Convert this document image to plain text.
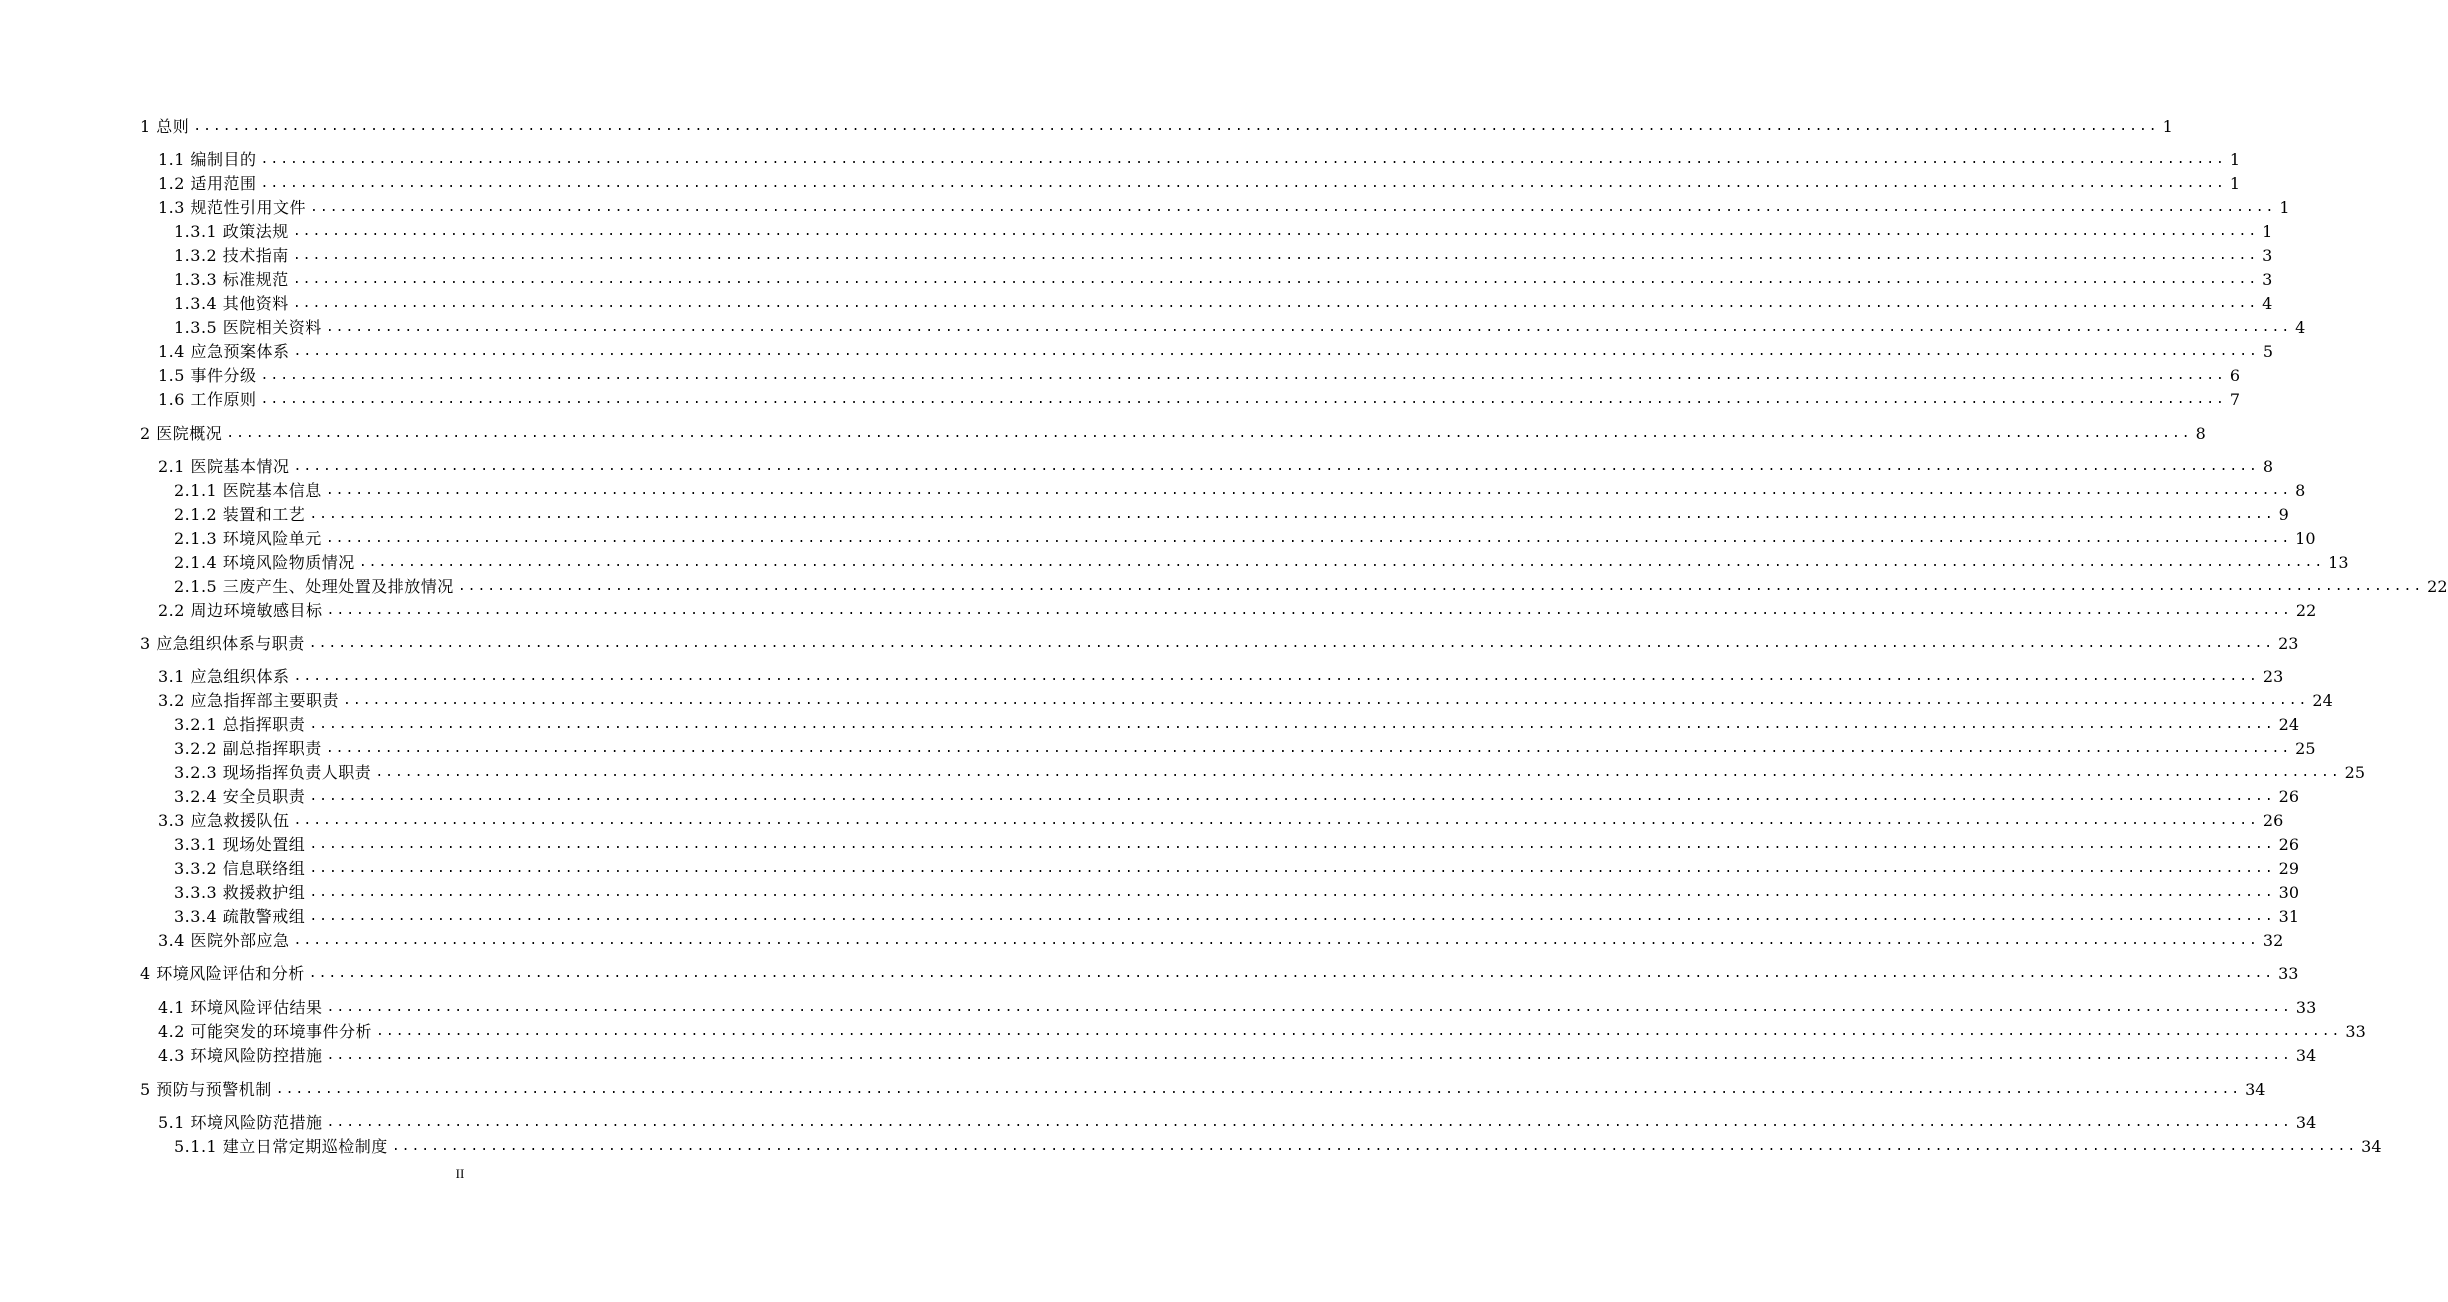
1 总则 ........................................................................................................................................................................................................ 1
1.1 编制目的 ........................................................................................................................................................................................................ 1
1.2 适用范围 ........................................................................................................................................................................................................ 1
1.3 规范性引用文件 ........................................................................................................................................................................................................ 1
1.3.1 政策法规 ........................................................................................................................................................................................................ 1
1.3.2 技术指南 ........................................................................................................................................................................................................ 3
1.3.3 标准规范 ........................................................................................................................................................................................................ 3
1.3.4 其他资料 ........................................................................................................................................................................................................ 4
1.3.5 医院相关资料 ........................................................................................................................................................................................................ 4
1.4 应急预案体系 ........................................................................................................................................................................................................ 5
1.5 事件分级 ........................................................................................................................................................................................................ 6
1.6 工作原则 ........................................................................................................................................................................................................ 7
2 医院概况 ........................................................................................................................................................................................................ 8
2.1 医院基本情况 ........................................................................................................................................................................................................ 8
2.1.1 医院基本信息 ........................................................................................................................................................................................................ 8
2.1.2 装置和工艺 ........................................................................................................................................................................................................ 9
2.1.3 环境风险单元 ........................................................................................................................................................................................................ 10
2.1.4 环境风险物质情况 ........................................................................................................................................................................................................ 13
2.1.5 三废产生、处理处置及排放情况 ........................................................................................................................................................................................................ 22
2.2 周边环境敏感目标 ........................................................................................................................................................................................................ 22
3 应急组织体系与职责 ........................................................................................................................................................................................................ 23
3.1 应急组织体系 ........................................................................................................................................................................................................ 23
3.2 应急指挥部主要职责 ........................................................................................................................................................................................................ 24
3.2.1 总指挥职责 ........................................................................................................................................................................................................ 24
3.2.2 副总指挥职责 ........................................................................................................................................................................................................ 25
3.2.3 现场指挥负责人职责 ........................................................................................................................................................................................................ 25
3.2.4 安全员职责 ........................................................................................................................................................................................................ 26
3.3 应急救援队伍 ........................................................................................................................................................................................................ 26
3.3.1 现场处置组 ........................................................................................................................................................................................................ 26
3.3.2 信息联络组 ........................................................................................................................................................................................................ 29
3.3.3 救援救护组 ........................................................................................................................................................................................................ 30
3.3.4 疏散警戒组 ........................................................................................................................................................................................................ 31
3.4 医院外部应急 ........................................................................................................................................................................................................ 32
4 环境风险评估和分析 ........................................................................................................................................................................................................ 33
4.1 环境风险评估结果 ........................................................................................................................................................................................................ 33
4.2 可能突发的环境事件分析 ........................................................................................................................................................................................................ 33
4.3 环境风险防控措施 ........................................................................................................................................................................................................ 34
5 预防与预警机制 ........................................................................................................................................................................................................ 34
5.1 环境风险防范措施 ........................................................................................................................................................................................................ 34
5.1.1 建立日常定期巡检制度 ........................................................................................................................................................................................................ 34
II
